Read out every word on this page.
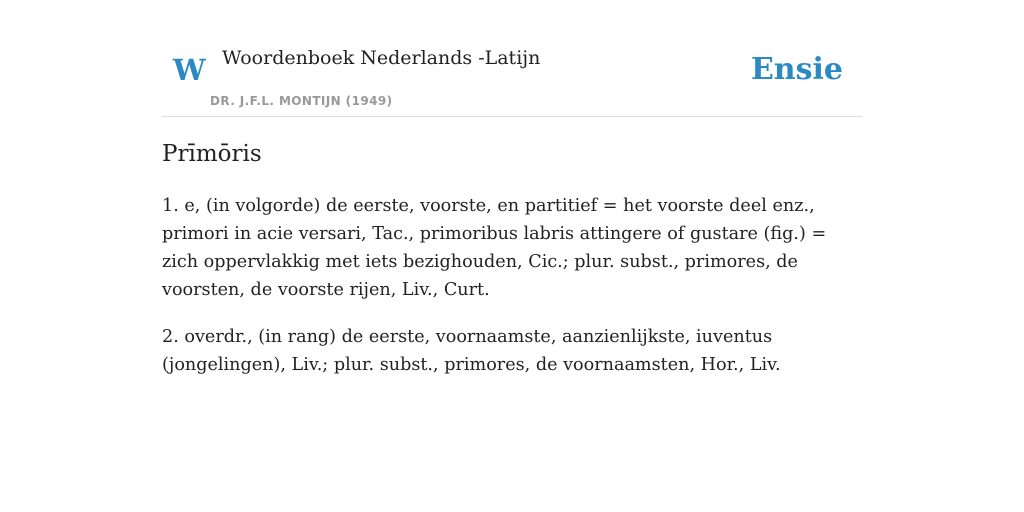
W Woordenboek Nederlands -Latijn
DR. J.F.L. MONTIJN (1949)
Ensie
Prīmōris

1. e, (in volgorde) de eerste, voorste, en partitief = het voorste deel enz., primori in acie versari, Tac., primoribus labris attingere of gustare (fig.) = zich oppervlakkig met iets bezighouden, Cic.; plur. subst., primores, de voorsten, de voorste rijen, Liv., Curt.

2. overdr., (in rang) de eerste, voornaamste, aanzienlijkste, iuventus (jongelingen), Liv.; plur. subst., primores, de voornaamsten, Hor., Liv.
